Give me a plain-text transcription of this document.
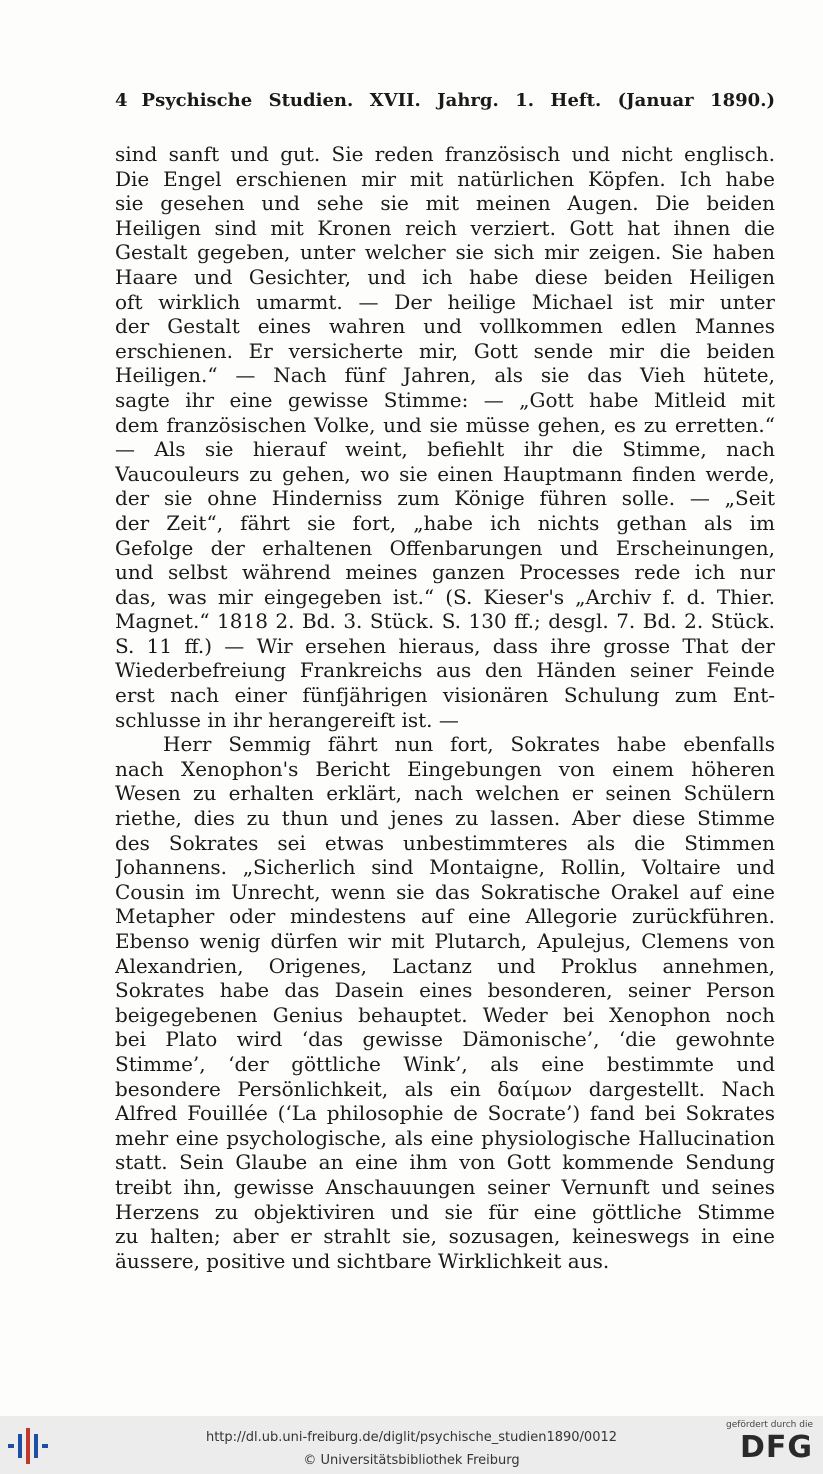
4 Psychische Studien. XVII. Jahrg. 1. Heft. (Januar 1890.)
sind sanft und gut. Sie reden französisch und nicht englisch.
Die Engel erschienen mir mit natürlichen Köpfen. Ich habe
sie gesehen und sehe sie mit meinen Augen. Die beiden
Heiligen sind mit Kronen reich verziert. Gott hat ihnen die
Gestalt gegeben, unter welcher sie sich mir zeigen. Sie haben
Haare und Gesichter, und ich habe diese beiden Heiligen
oft wirklich umarmt. — Der heilige Michael ist mir unter
der Gestalt eines wahren und vollkommen edlen Mannes
erschienen. Er versicherte mir, Gott sende mir die beiden
Heiligen.“ — Nach fünf Jahren, als sie das Vieh hütete,
sagte ihr eine gewisse Stimme: — „Gott habe Mitleid mit
dem französischen Volke, und sie müsse gehen, es zu erretten.“
— Als sie hierauf weint, befiehlt ihr die Stimme, nach
Vaucouleurs zu gehen, wo sie einen Hauptmann finden werde,
der sie ohne Hinderniss zum Könige führen solle. — „Seit
der Zeit“, fährt sie fort, „habe ich nichts gethan als im
Gefolge der erhaltenen Offenbarungen und Erscheinungen,
und selbst während meines ganzen Processes rede ich nur
das, was mir eingegeben ist.“ (S. Kieser's „Archiv f. d. Thier.
Magnet.“ 1818 2. Bd. 3. Stück. S. 130 ff.; desgl. 7. Bd. 2. Stück.
S. 11 ff.) — Wir ersehen hieraus, dass ihre grosse That der
Wiederbefreiung Frankreichs aus den Händen seiner Feinde
erst nach einer fünfjährigen visionären Schulung zum Ent-
schlusse in ihr herangereift ist. —
Herr Semmig fährt nun fort, Sokrates habe ebenfalls
nach Xenophon's Bericht Eingebungen von einem höheren
Wesen zu erhalten erklärt, nach welchen er seinen Schülern
riethe, dies zu thun und jenes zu lassen. Aber diese Stimme
des Sokrates sei etwas unbestimmteres als die Stimmen
Johannens. „Sicherlich sind Montaigne, Rollin, Voltaire und
Cousin im Unrecht, wenn sie das Sokratische Orakel auf eine
Metapher oder mindestens auf eine Allegorie zurückführen.
Ebenso wenig dürfen wir mit Plutarch, Apulejus, Clemens von
Alexandrien, Origenes, Lactanz und Proklus annehmen,
Sokrates habe das Dasein eines besonderen, seiner Person
beigegebenen Genius behauptet. Weder bei Xenophon noch
bei Plato wird ‘das gewisse Dämonische’, ‘die gewohnte
Stimme’, ‘der göttliche Wink’, als eine bestimmte und
besondere Persönlichkeit, als ein δαίμων dargestellt. Nach
Alfred Fouillée (‘La philosophie de Socrate’) fand bei Sokrates
mehr eine psychologische, als eine physiologische Hallucination
statt. Sein Glaube an eine ihm von Gott kommende Sendung
treibt ihn, gewisse Anschauungen seiner Vernunft und seines
Herzens zu objektiviren und sie für eine göttliche Stimme
zu halten; aber er strahlt sie, sozusagen, keineswegs in eine
äussere, positive und sichtbare Wirklichkeit aus.
http://dl.ub.uni-freiburg.de/diglit/psychische_studien1890/0012
© Universitätsbibliothek Freiburg
gefördert durch die
DFG
